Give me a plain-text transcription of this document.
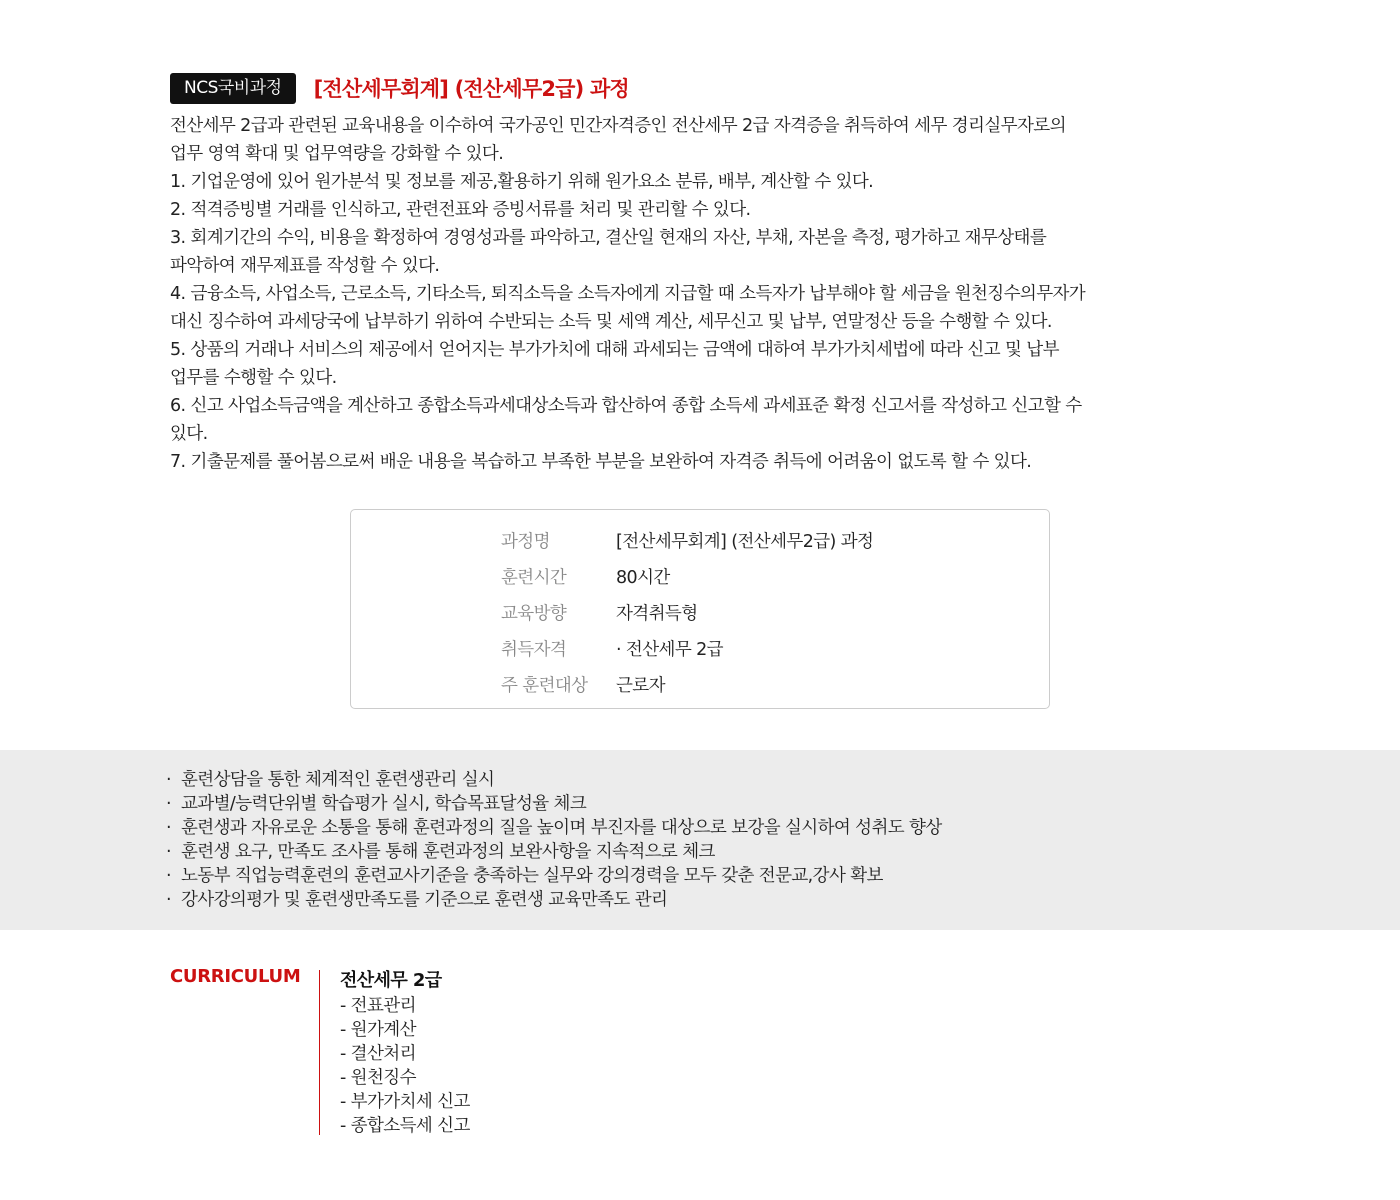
NCS국비과정	[전산세무회계] (전산세무2급) 과정

전산세무 2급과 관련된 교육내용을 이수하여 국가공인 민간자격증인 전산세무 2급 자격증을 취득하여 세무 경리실무자로의

업무 영역 확대 및 업무역량을 강화할 수 있다.

1. 기업운영에 있어 원가분석 및 정보를 제공,활용하기 위해 원가요소 분류, 배부, 계산할 수 있다.

2. 적격증빙별 거래를 인식하고, 관련전표와 증빙서류를 처리 및 관리할 수 있다.

3. 회계기간의 수익, 비용을 확정하여 경영성과를 파악하고, 결산일 현재의 자산, 부채, 자본을 측정, 평가하고 재무상태를

파악하여 재무제표를 작성할 수 있다.

4. 금융소득, 사업소득, 근로소득, 기타소득, 퇴직소득을 소득자에게 지급할 때 소득자가 납부해야 할 세금을 원천징수의무자가

대신 징수하여 과세당국에 납부하기 위하여 수반되는 소득 및 세액 계산, 세무신고 및 납부, 연말정산 등을 수행할 수 있다.

5. 상품의 거래나 서비스의 제공에서 얻어지는 부가가치에 대해 과세되는 금액에 대하여 부가가치세법에 따라 신고 및 납부

업무를 수행할 수 있다.

6. 신고 사업소득금액을 계산하고 종합소득과세대상소득과 합산하여 종합 소득세 과세표준 확정 신고서를 작성하고 신고할 수

있다.

7. 기출문제를 풀어봄으로써 배운 내용을 복습하고 부족한 부분을 보완하여 자격증 취득에 어려움이 없도록 할 수 있다.

과정명	[전산세무회계] (전산세무2급) 과정
훈련시간	80시간
교육방향	자격취득형
취득자격	· 전산세무 2급
주 훈련대상	근로자
· 훈련상담을 통한 체계적인 훈련생관리 실시
· 교과별/능력단위별 학습평가 실시, 학습목표달성율 체크
· 훈련생과 자유로운 소통을 통해 훈련과정의 질을 높이며 부진자를 대상으로 보강을 실시하여 성취도 향상
· 훈련생 요구, 만족도 조사를 통해 훈련과정의 보완사항을 지속적으로 체크
· 노동부 직업능력훈련의 훈련교사기준을 충족하는 실무와 강의경력을 모두 갖춘 전문교,강사 확보
· 강사강의평가 및 훈련생만족도를 기준으로 훈련생 교육만족도 관리
CURRICULUM 전산세무 2급
- 전표관리
- 원가계산
- 결산처리
- 원천징수
- 부가가치세 신고
- 종합소득세 신고
